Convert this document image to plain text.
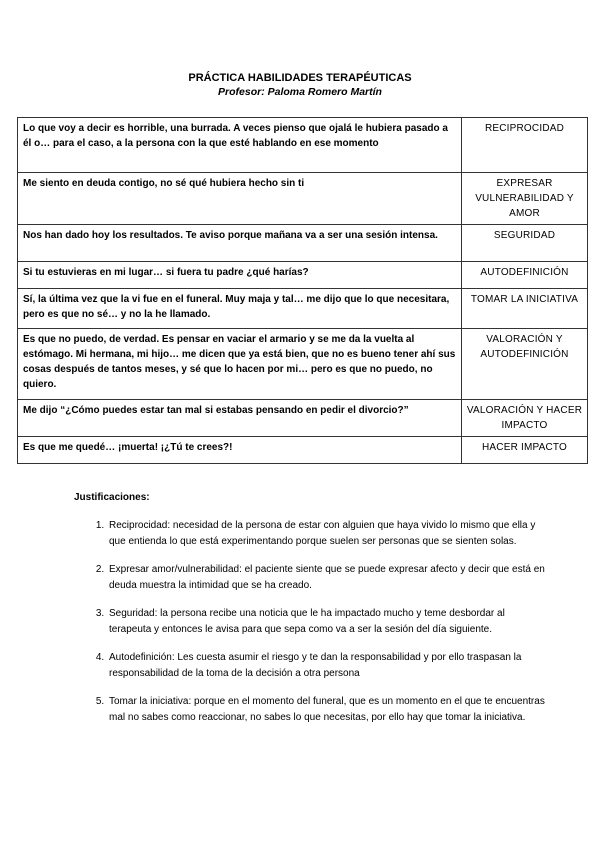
PRÁCTICA HABILIDADES TERAPÉUTICAS
Profesor: Paloma Romero Martín
Lo que voy a decir es horrible, una burrada. A veces pienso que ojalá le hubiera pasado a él o… para el caso, a la persona con la que esté hablando en ese momento	RECIPROCIDAD
Me siento en deuda contigo, no sé qué hubiera hecho sin ti	EXPRESAR VULNERABILIDAD Y AMOR
Nos han dado hoy los resultados. Te aviso porque mañana va a ser una sesión intensa.	SEGURIDAD
Si tu estuvieras en mi lugar… si fuera tu padre ¿qué harías?	AUTODEFINICIÓN
Sí, la última vez que la vi fue en el funeral. Muy maja y tal… me dijo que lo que necesitara, pero es que no sé… y no la he llamado.	TOMAR LA INICIATIVA
Es que no puedo, de verdad. Es pensar en vaciar el armario y se me da la vuelta al estómago. Mi hermana, mi hijo… me dicen que ya está bien, que no es bueno tener ahí sus cosas después de tantos meses, y sé que lo hacen por mi… pero es que no puedo, no quiero.	VALORACIÓN Y AUTODEFINICIÓN
Me dijo “¿Cómo puedes estar tan mal si estabas pensando en pedir el divorcio?”	VALORACIÓN Y HACER IMPACTO
Es que me quedé… ¡muerta! ¡¿Tú te crees?!	HACER IMPACTO
Justificaciones:
1. Reciprocidad: necesidad de la persona de estar con alguien que haya vivido lo mismo que ella y que entienda lo que está experimentando porque suelen ser personas que se sienten solas.
2. Expresar amor/vulnerabilidad: el paciente siente que se puede expresar afecto y decir que está en deuda muestra la intimidad que se ha creado.
3. Seguridad: la persona recibe una noticia que le ha impactado mucho y teme desbordar al terapeuta y entonces le avisa para que sepa como va a ser la sesión del día siguiente.
4. Autodefinición: Les cuesta asumir el riesgo y te dan la responsabilidad y por ello traspasan la responsabilidad de la toma de la decisión a otra persona
5. Tomar la iniciativa: porque en el momento del funeral, que es un momento en el que te encuentras mal no sabes como reaccionar, no sabes lo que necesitas, por ello hay que tomar la iniciativa.
